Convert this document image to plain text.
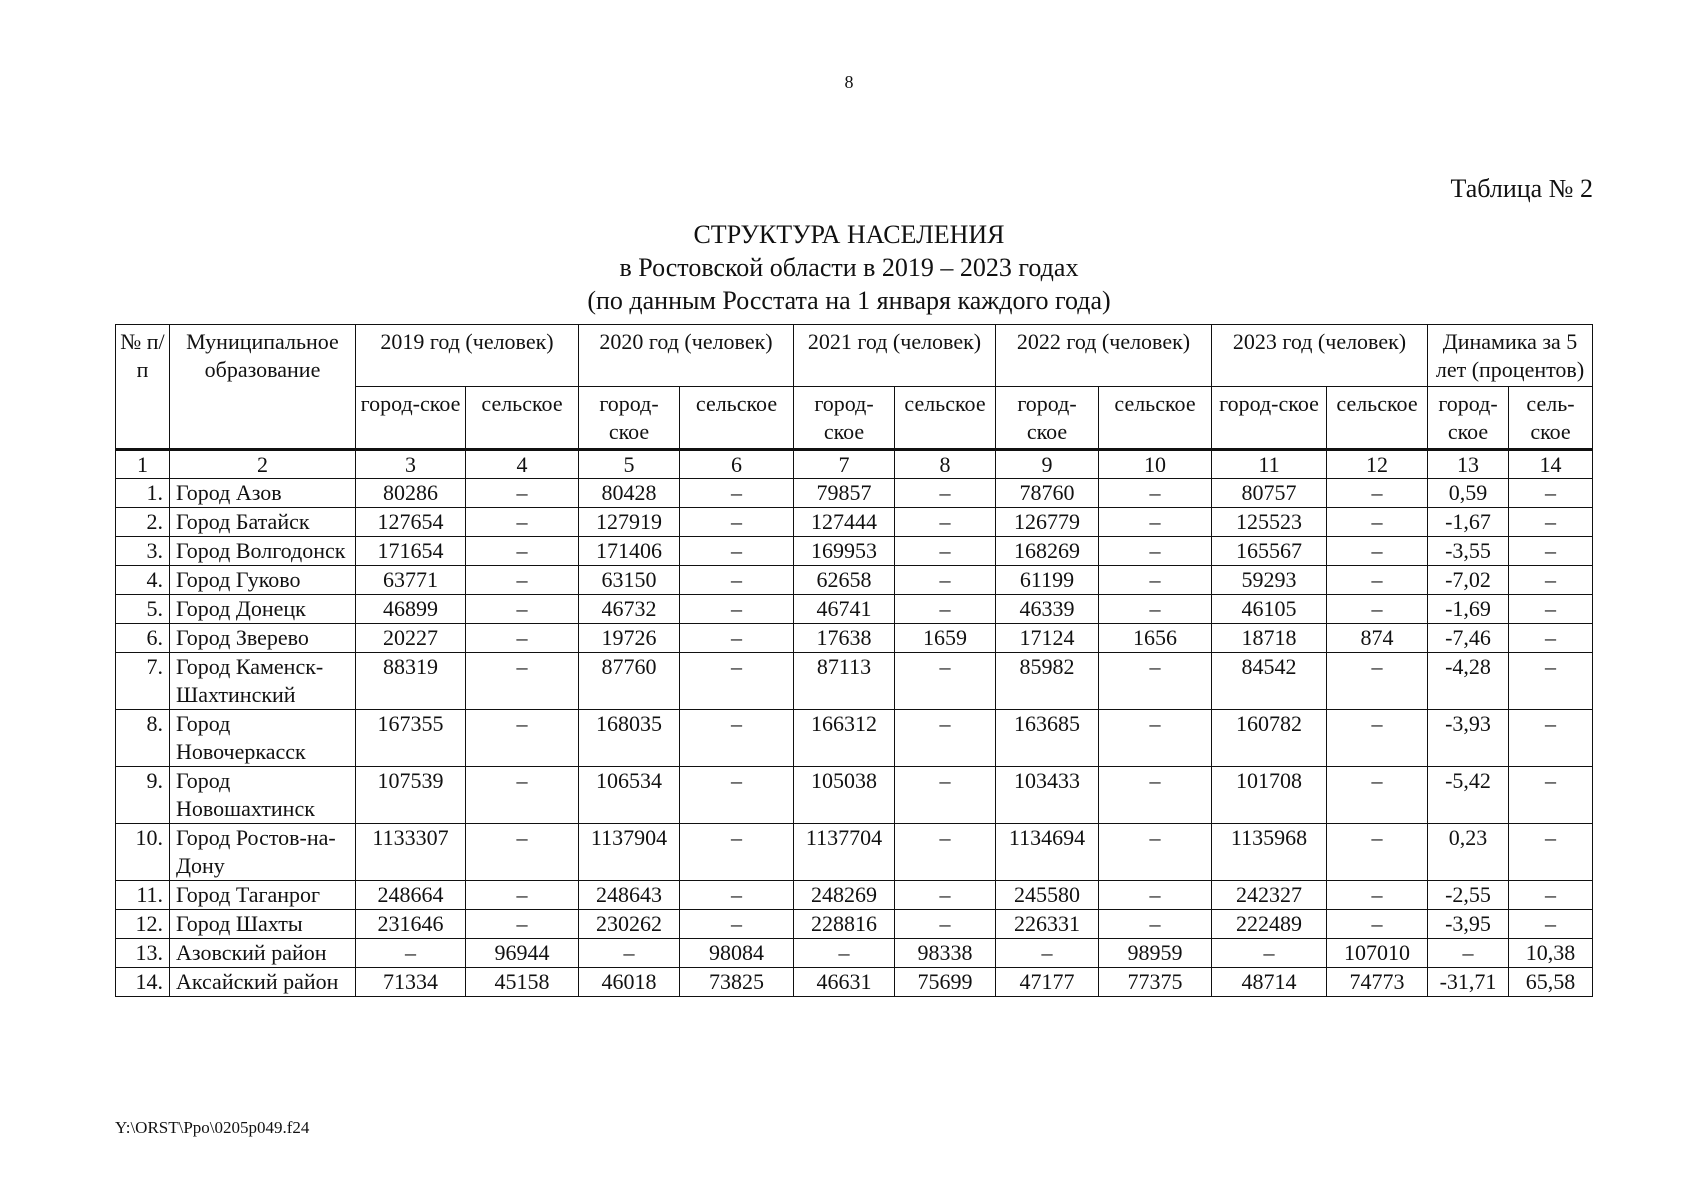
8
Таблица № 2
СТРУКТУРА НАСЕЛЕНИЯ
в Ростовской области в 2019 – 2023 годах
(по данным Росстата на 1 января каждого года)
№ п/п	Муниципальное образование	2019 год (человек)		2020 год (человек)		2021 год (человек)		2022 год (человек)		2023 год (человек)		Динамика за 5 лет (процентов)	
		город-ское	сельское	город-ское	сельское	город-ское	сельское	город-ское	сельское	город-ское	сельское	город-ское	сель-ское
1	2	3	4	5	6	7	8	9	10	11	12	13	14
1.	Город Азов	80286	–	80428	–	79857	–	78760	–	80757	–	0,59	–
2.	Город Батайск	127654	–	127919	–	127444	–	126779	–	125523	–	-1,67	–
3.	Город Волгодонск	171654	–	171406	–	169953	–	168269	–	165567	–	-3,55	–
4.	Город Гуково	63771	–	63150	–	62658	–	61199	–	59293	–	-7,02	–
5.	Город Донецк	46899	–	46732	–	46741	–	46339	–	46105	–	-1,69	–
6.	Город Зверево	20227	–	19726	–	17638	1659	17124	1656	18718	874	-7,46	–
7.	Город Каменск-Шахтинский	88319	–	87760	–	87113	–	85982	–	84542	–	-4,28	–
8.	Город Новочеркасск	167355	–	168035	–	166312	–	163685	–	160782	–	-3,93	–
9.	Город Новошахтинск	107539	–	106534	–	105038	–	103433	–	101708	–	-5,42	–
10.	Город Ростов-на-Дону	1133307	–	1137904	–	1137704	–	1134694	–	1135968	–	0,23	–
11.	Город Таганрог	248664	–	248643	–	248269	–	245580	–	242327	–	-2,55	–
12.	Город Шахты	231646	–	230262	–	228816	–	226331	–	222489	–	-3,95	–
13.	Азовский район	–	96944	–	98084	–	98338	–	98959	–	107010	–	10,38
14.	Аксайский район	71334	45158	46018	73825	46631	75699	47177	77375	48714	74773	-31,71	65,58
Y:\ORST\Ppo\0205p049.f24
